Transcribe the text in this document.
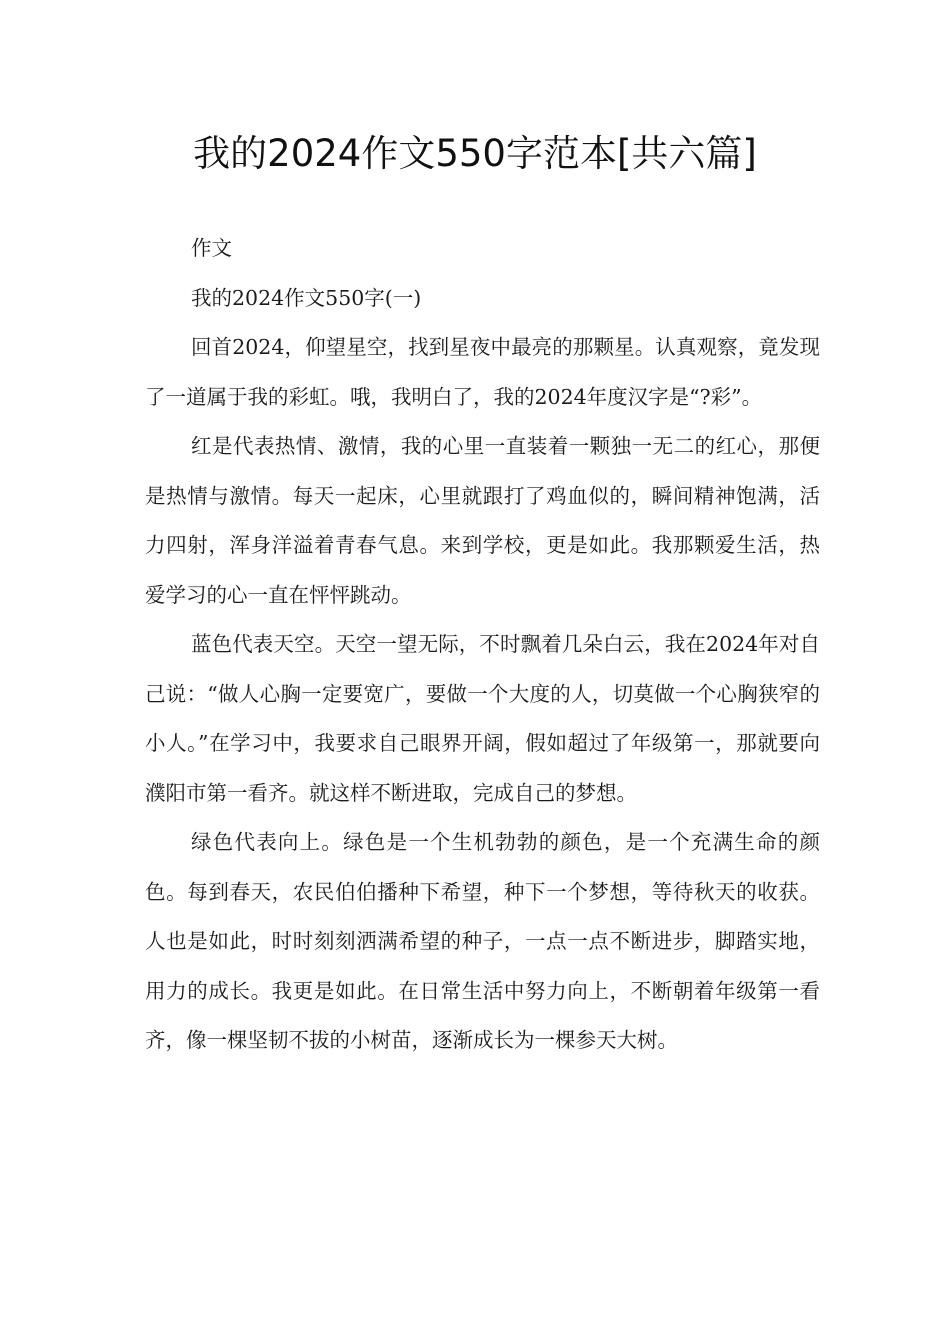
我的2024作文550字范本[共六篇]

作文

我的2024作文550字(一)

回首2024，仰望星空，找到星夜中最亮的那颗星。认真观察，竟发现了一道属于我的彩虹。哦，我明白了，我的2024年度汉字是“?彩”。

红是代表热情、激情，我的心里一直装着一颗独一无二的红心，那便是热情与激情。每天一起床，心里就跟打了鸡血似的，瞬间精神饱满，活力四射，浑身洋溢着青春气息。来到学校，更是如此。我那颗爱生活，热爱学习的心一直在怦怦跳动。

蓝色代表天空。天空一望无际，不时飘着几朵白云，我在2024年对自己说：“做人心胸一定要宽广，要做一个大度的人，切莫做一个心胸狭窄的小人。”在学习中，我要求自己眼界开阔，假如超过了年级第一，那就要向濮阳市第一看齐。就这样不断进取，完成自己的梦想。

绿色代表向上。绿色是一个生机勃勃的颜色，是一个充满生命的颜色。每到春天，农民伯伯播种下希望，种下一个梦想，等待秋天的收获。人也是如此，时时刻刻洒满希望的种子，一点一点不断进步，脚踏实地，用力的成长。我更是如此。在日常生活中努力向上，不断朝着年级第一看齐，像一棵坚韧不拔的小树苗，逐渐成长为一棵参天大树。
